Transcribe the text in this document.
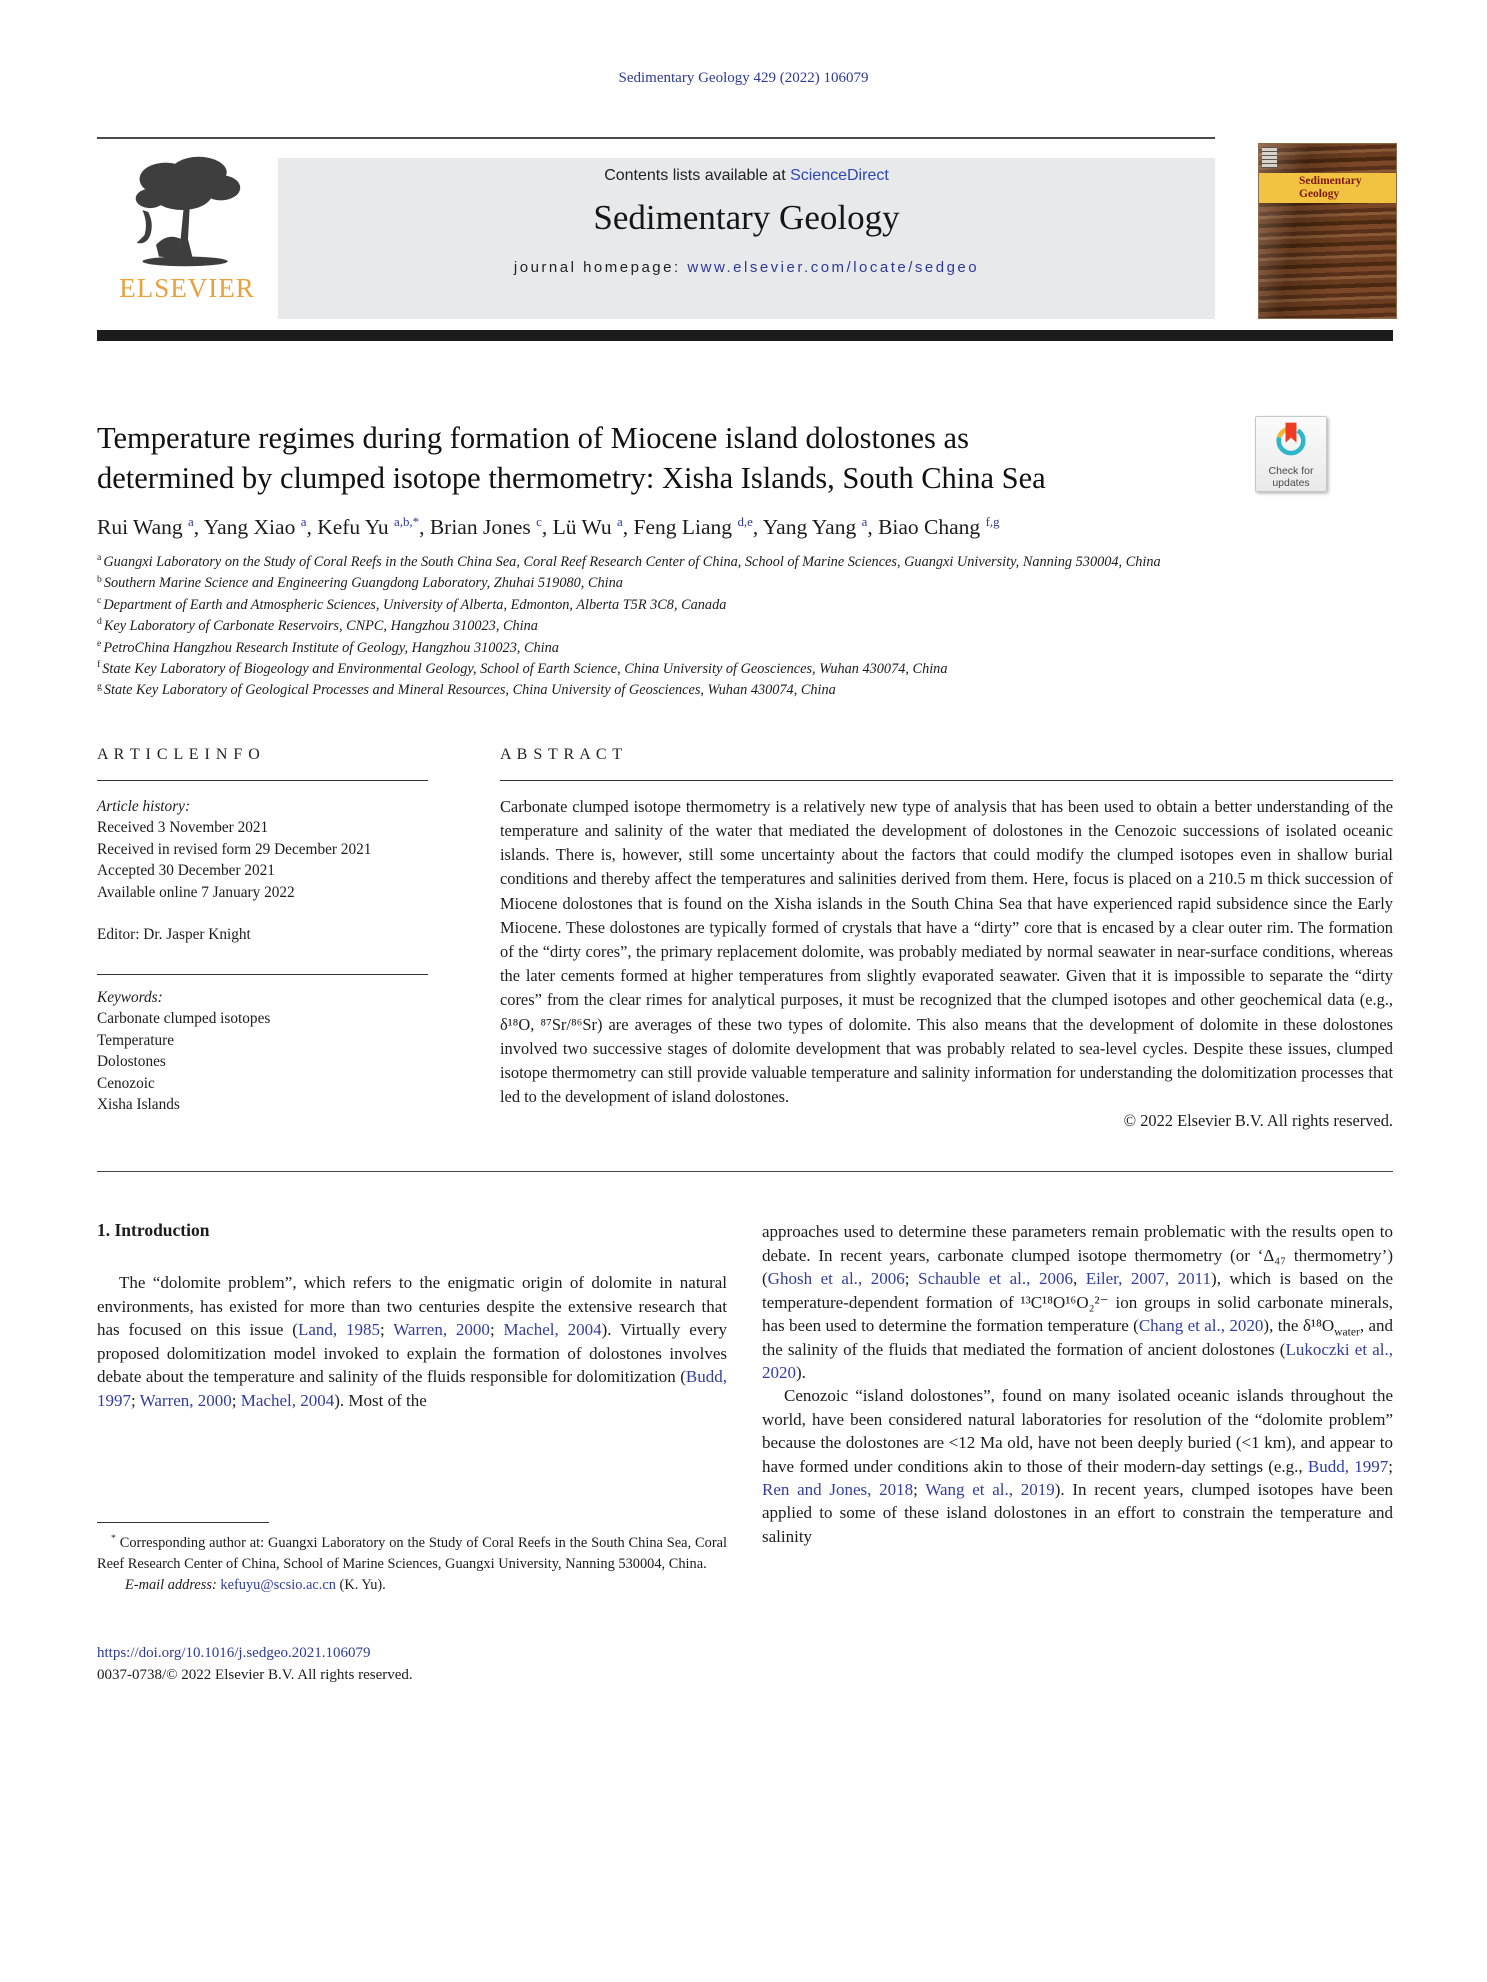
Sedimentary Geology 429 (2022) 106079
ELSEVIER
Contents lists available at ScienceDirect
Sedimentary Geology
journal homepage: www.elsevier.com/locate/sedgeo
Sedimentary
Geology
Temperature regimes during formation of Miocene island dolostones as determined by clumped isotope thermometry: Xisha Islands, South China Sea	Check for
updates
Rui Wang $^a$, Yang Xiao $^a$, Kefu Yu $^{a,b,*}$, Brian Jones $^c$, Lü Wu $^a$, Feng Liang $^{d,e}$, Yang Yang $^a$, Biao Chang $^{f,g}$
$^a$ Guangxi Laboratory on the Study of Coral Reefs in the South China Sea, Coral Reef Research Center of China, School of Marine Sciences, Guangxi University, Nanning 530004, China
$^b$ Southern Marine Science and Engineering Guangdong Laboratory, Zhuhai 519080, China
$^c$ Department of Earth and Atmospheric Sciences, University of Alberta, Edmonton, Alberta T5R 3C8, Canada
$^d$ Key Laboratory of Carbonate Reservoirs, CNPC, Hangzhou 310023, China
$^e$ PetroChina Hangzhou Research Institute of Geology, Hangzhou 310023, China
$^f$ State Key Laboratory of Biogeology and Environmental Geology, School of Earth Science, China University of Geosciences, Wuhan 430074, China
$^g$ State Key Laboratory of Geological Processes and Mineral Resources, China University of Geosciences, Wuhan 430074, China
A R T I C L E I N F O
Article history:
Received 3 November 2021
Received in revised form 29 December 2021
Accepted 30 December 2021
Available online 7 January 2022
Editor: Dr. Jasper Knight
Keywords:
Carbonate clumped isotopes
Temperature
Dolostones
Cenozoic
Xisha Islands
A B S T R A C T
Carbonate clumped isotope thermometry is a relatively new type of analysis that has been used to obtain a better understanding of the temperature and salinity of the water that mediated the development of dolostones in the Cenozoic successions of isolated oceanic islands. There is, however, still some uncertainty about the factors that could modify the clumped isotopes even in shallow burial conditions and thereby affect the temperatures and salinities derived from them. Here, focus is placed on a 210.5 m thick succession of Miocene dolostones that is found on the Xisha islands in the South China Sea that have experienced rapid subsidence since the Early Miocene. These dolostones are typically formed of crystals that have a “dirty” core that is encased by a clear outer rim. The formation of the “dirty cores”, the primary replacement dolomite, was probably mediated by normal seawater in near-surface conditions, whereas the later cements formed at higher temperatures from slightly evaporated seawater. Given that it is impossible to separate the “dirty cores” from the clear rimes for analytical purposes, it must be recognized that the clumped isotopes and other geochemical data (e.g., δ¹⁸O, ⁸⁷Sr/⁸⁶Sr) are averages of these two types of dolomite. This also means that the development of dolomite in these dolostones involved two successive stages of dolomite development that was probably related to sea-level cycles. Despite these issues, clumped isotope thermometry can still provide valuable temperature and salinity information for understanding the dolomitization processes that led to the development of island dolostones.
© 2022 Elsevier B.V. All rights reserved.
1. Introduction

The “dolomite problem”, which refers to the enigmatic origin of dolomite in natural environments, has existed for more than two centuries despite the extensive research that has focused on this issue (Land, 1985; Warren, 2000; Machel, 2004). Virtually every proposed dolomitization model invoked to explain the formation of dolostones involves debate about the temperature and salinity of the fluids responsible for dolomitization (Budd, 1997; Warren, 2000; Machel, 2004). Most of the

* Corresponding author at: Guangxi Laboratory on the Study of Coral Reefs in the South China Sea, Coral Reef Research Center of China, School of Marine Sciences, Guangxi University, Nanning 530004, China.

E-mail address: kefuyu@scsio.ac.cn (K. Yu).

https://doi.org/10.1016/j.sedgeo.2021.106079
0037-0738/© 2022 Elsevier B.V. All rights reserved.

approaches used to determine these parameters remain problematic with the results open to debate. In recent years, carbonate clumped isotope thermometry (or ‘Δ₄₇ thermometry’) (Ghosh et al., 2006; Schauble et al., 2006, Eiler, 2007, 2011), which is based on the temperature-dependent formation of ¹³C¹⁸O¹⁶O₂²⁻ ion groups in solid carbonate minerals, has been used to determine the formation temperature (Chang et al., 2020), the $\delta^{18}O_{water}$, and the salinity of the fluids that mediated the formation of ancient dolostones (Lukoczki et al., 2020).

Cenozoic “island dolostones”, found on many isolated oceanic islands throughout the world, have been considered natural laboratories for resolution of the “dolomite problem” because the dolostones are <12 Ma old, have not been deeply buried (<1 km), and appear to have formed under conditions akin to those of their modern-day settings (e.g., Budd, 1997; Ren and Jones, 2018; Wang et al., 2019). In recent years, clumped isotopes have been applied to some of these island dolostones in an effort to constrain the temperature and salinity
